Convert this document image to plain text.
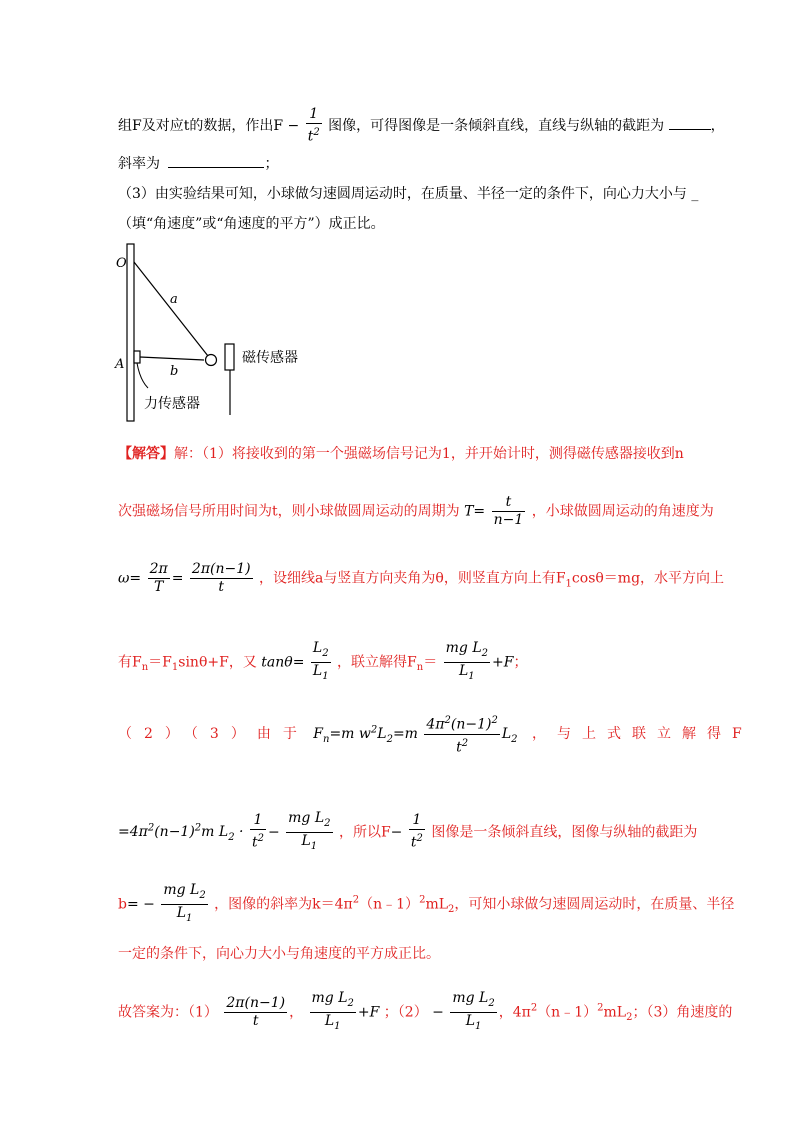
组F及对应t的数据，作出$F - \frac{1}{t^2}$ 图像，可得图像是一条倾斜直线，直线与纵轴的截距为	，
斜率为	；
（3）由实验结果可知，小球做匀速圆周运动时，在质量、半径一定的条件下，向心力大小与 _
（填“角速度”或“角速度的平方”）成正比。
O
A
a
b
磁传感器
力传感器
【解答】解：（1）将接收到的第一个强磁场信号记为1，并开始计时，测得磁传感器接收到n
次强磁场信号所用时间为t，则小球做圆周运动的周期为 $T= \frac{t}{n-1}$ ，小球做圆周运动的角速度为
$\omega= \frac{2\pi}{T} = \frac{2\pi(n-1)}{t}$ ，设细线a与竖直方向夹角为θ，则竖直方向上有$F_1\cos\theta=mg$，水平方向上
有$F_n=F_1\sin\theta+F$，又 $\tan\theta= \frac{L_2}{L_1}$ ，联立解得$F_n= \frac{mg L_2}{L_1} +F$；
（2）（3）由于 $F_n=m$ $w^2L_2=m \frac{4\pi^2(n-1)^2}{t^2} L_2$ ，与上式联立解得F
$=4\pi^2(n-1)^2m$ $L_2 \cdot \frac{1}{t^2} - \frac{mg L_2}{L_1}$ ，所以$F- \frac{1}{t^2}$ 图像是一条倾斜直线，图像与纵轴的截距为
$b= - \frac{mg L_2}{L_1}$ ，图像的斜率为$k=4\pi^2(n﹣1)^2mL_2$，可知小球做匀速圆周运动时，在质量、半径
一定的条件下，向心力大小与角速度的平方成正比。
故答案为：$(1) \frac{2\pi(n-1)}{t}$ ， $\frac{mg L_2}{L_1} +F$ ；$(2) - \frac{mg L_2}{L_1}$ ，$4\pi^2(n﹣1)^2mL_2$；（3）角速度的
